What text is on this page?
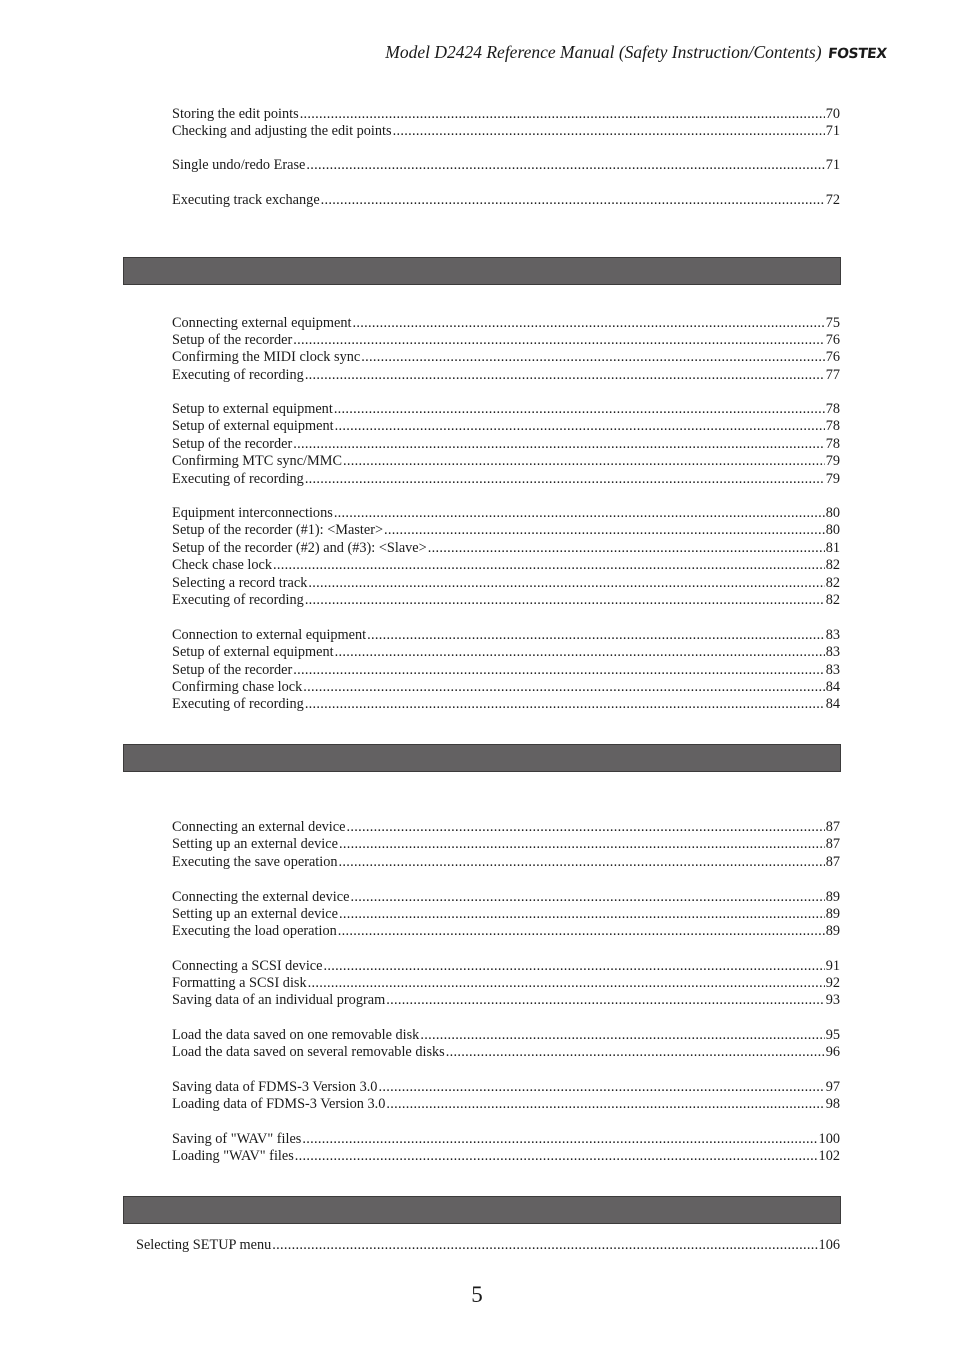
Model D2424 Reference Manual (Safety Instruction/Contents) FOSTEX
Storing the edit points .....	70
Checking and adjusting the edit points .....	71
Single undo/redo Erase .....	71
Executing track exchange .....	72
Connecting external equipment .....	75
Setup of the recorder .....	76
Confirming the MIDI clock sync .....	76
Executing of recording .....	77
Setup to external equipment .....	78
Setup of external equipment .....	78
Setup of the recorder .....	78
Confirming MTC sync/MMC .....	79
Executing of recording .....	79
Equipment interconnections .....	80
Setup of the recorder (#1): <Master> .....	80
Setup of the recorder (#2) and (#3): <Slave> .....	81
Check chase lock .....	82
Selecting a record track .....	82
Executing of recording .....	82
Connection to external equipment .....	83
Setup of external equipment .....	83
Setup of the recorder .....	83
Confirming chase lock .....	84
Executing of recording .....	84
Connecting an external device .....	87
Setting up an external device .....	87
Executing the save operation .....	87
Connecting the external device .....	89
Setting up an external device .....	89
Executing the load operation .....	89
Connecting a SCSI device .....	91
Formatting a SCSI disk .....	92
Saving data of an individual program .....	93
Load the data saved on one removable disk .....	95
Load the data saved on several removable disks .....	96
Saving data of FDMS-3 Version 3.0 .....	97
Loading data of FDMS-3 Version 3.0 .....	98
Saving of "WAV" files .....	100
Loading "WAV" files .....	102
Selecting SETUP menu .....	106
5
